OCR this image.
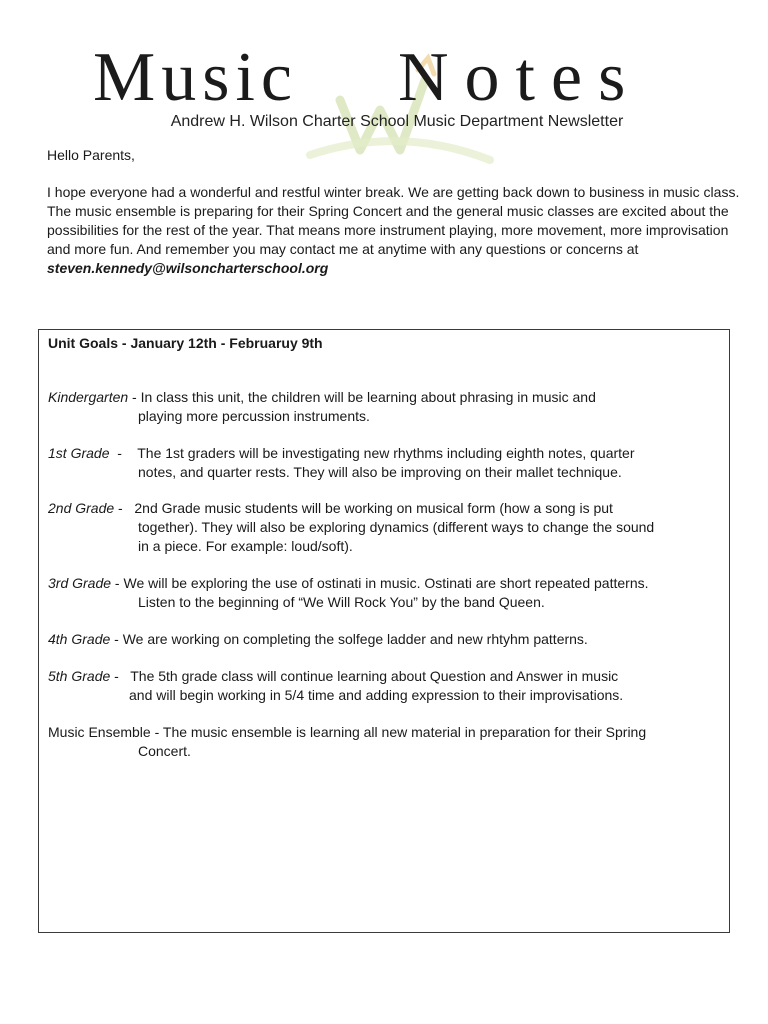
Music Notes
Andrew H. Wilson Charter School Music Department Newsletter

Hello Parents,

I hope everyone had a wonderful and restful winter break. We are getting back down to business in music class. The music ensemble is preparing for their Spring Concert and the general music classes are excited about the possibilities for the rest of the year. That means more instrument playing, more movement, more improvisation and more fun. And remember you may contact me at anytime with any questions or concerns at steven.kennedy@wilsoncharterschool.org

Unit Goals - January 12th - Februaruy 9th
Kindergarten - In class this unit, the children will be learning about phrasing in music and
playing more percussion instruments.
1st Grade  -    The 1st graders will be investigating new rhythms including eighth notes, quarter
notes, and quarter rests. They will also be improving on their mallet technique.
2nd Grade -   2nd Grade music students will be working on musical form (how a song is put
together). They will also be exploring dynamics (different ways to change the sound
in a piece. For example: loud/soft).
3rd Grade - We will be exploring the use of ostinati in music. Ostinati are short repeated patterns.
Listen to the beginning of “We Will Rock You” by the band Queen.
4th Grade - We are working on completing the solfege ladder and new rhtyhm patterns.
5th Grade -   The 5th grade class will continue learning about Question and Answer in music
and will begin working in 5/4 time and adding expression to their improvisations.
Music Ensemble - The music ensemble is learning all new material in preparation for their Spring
Concert.
